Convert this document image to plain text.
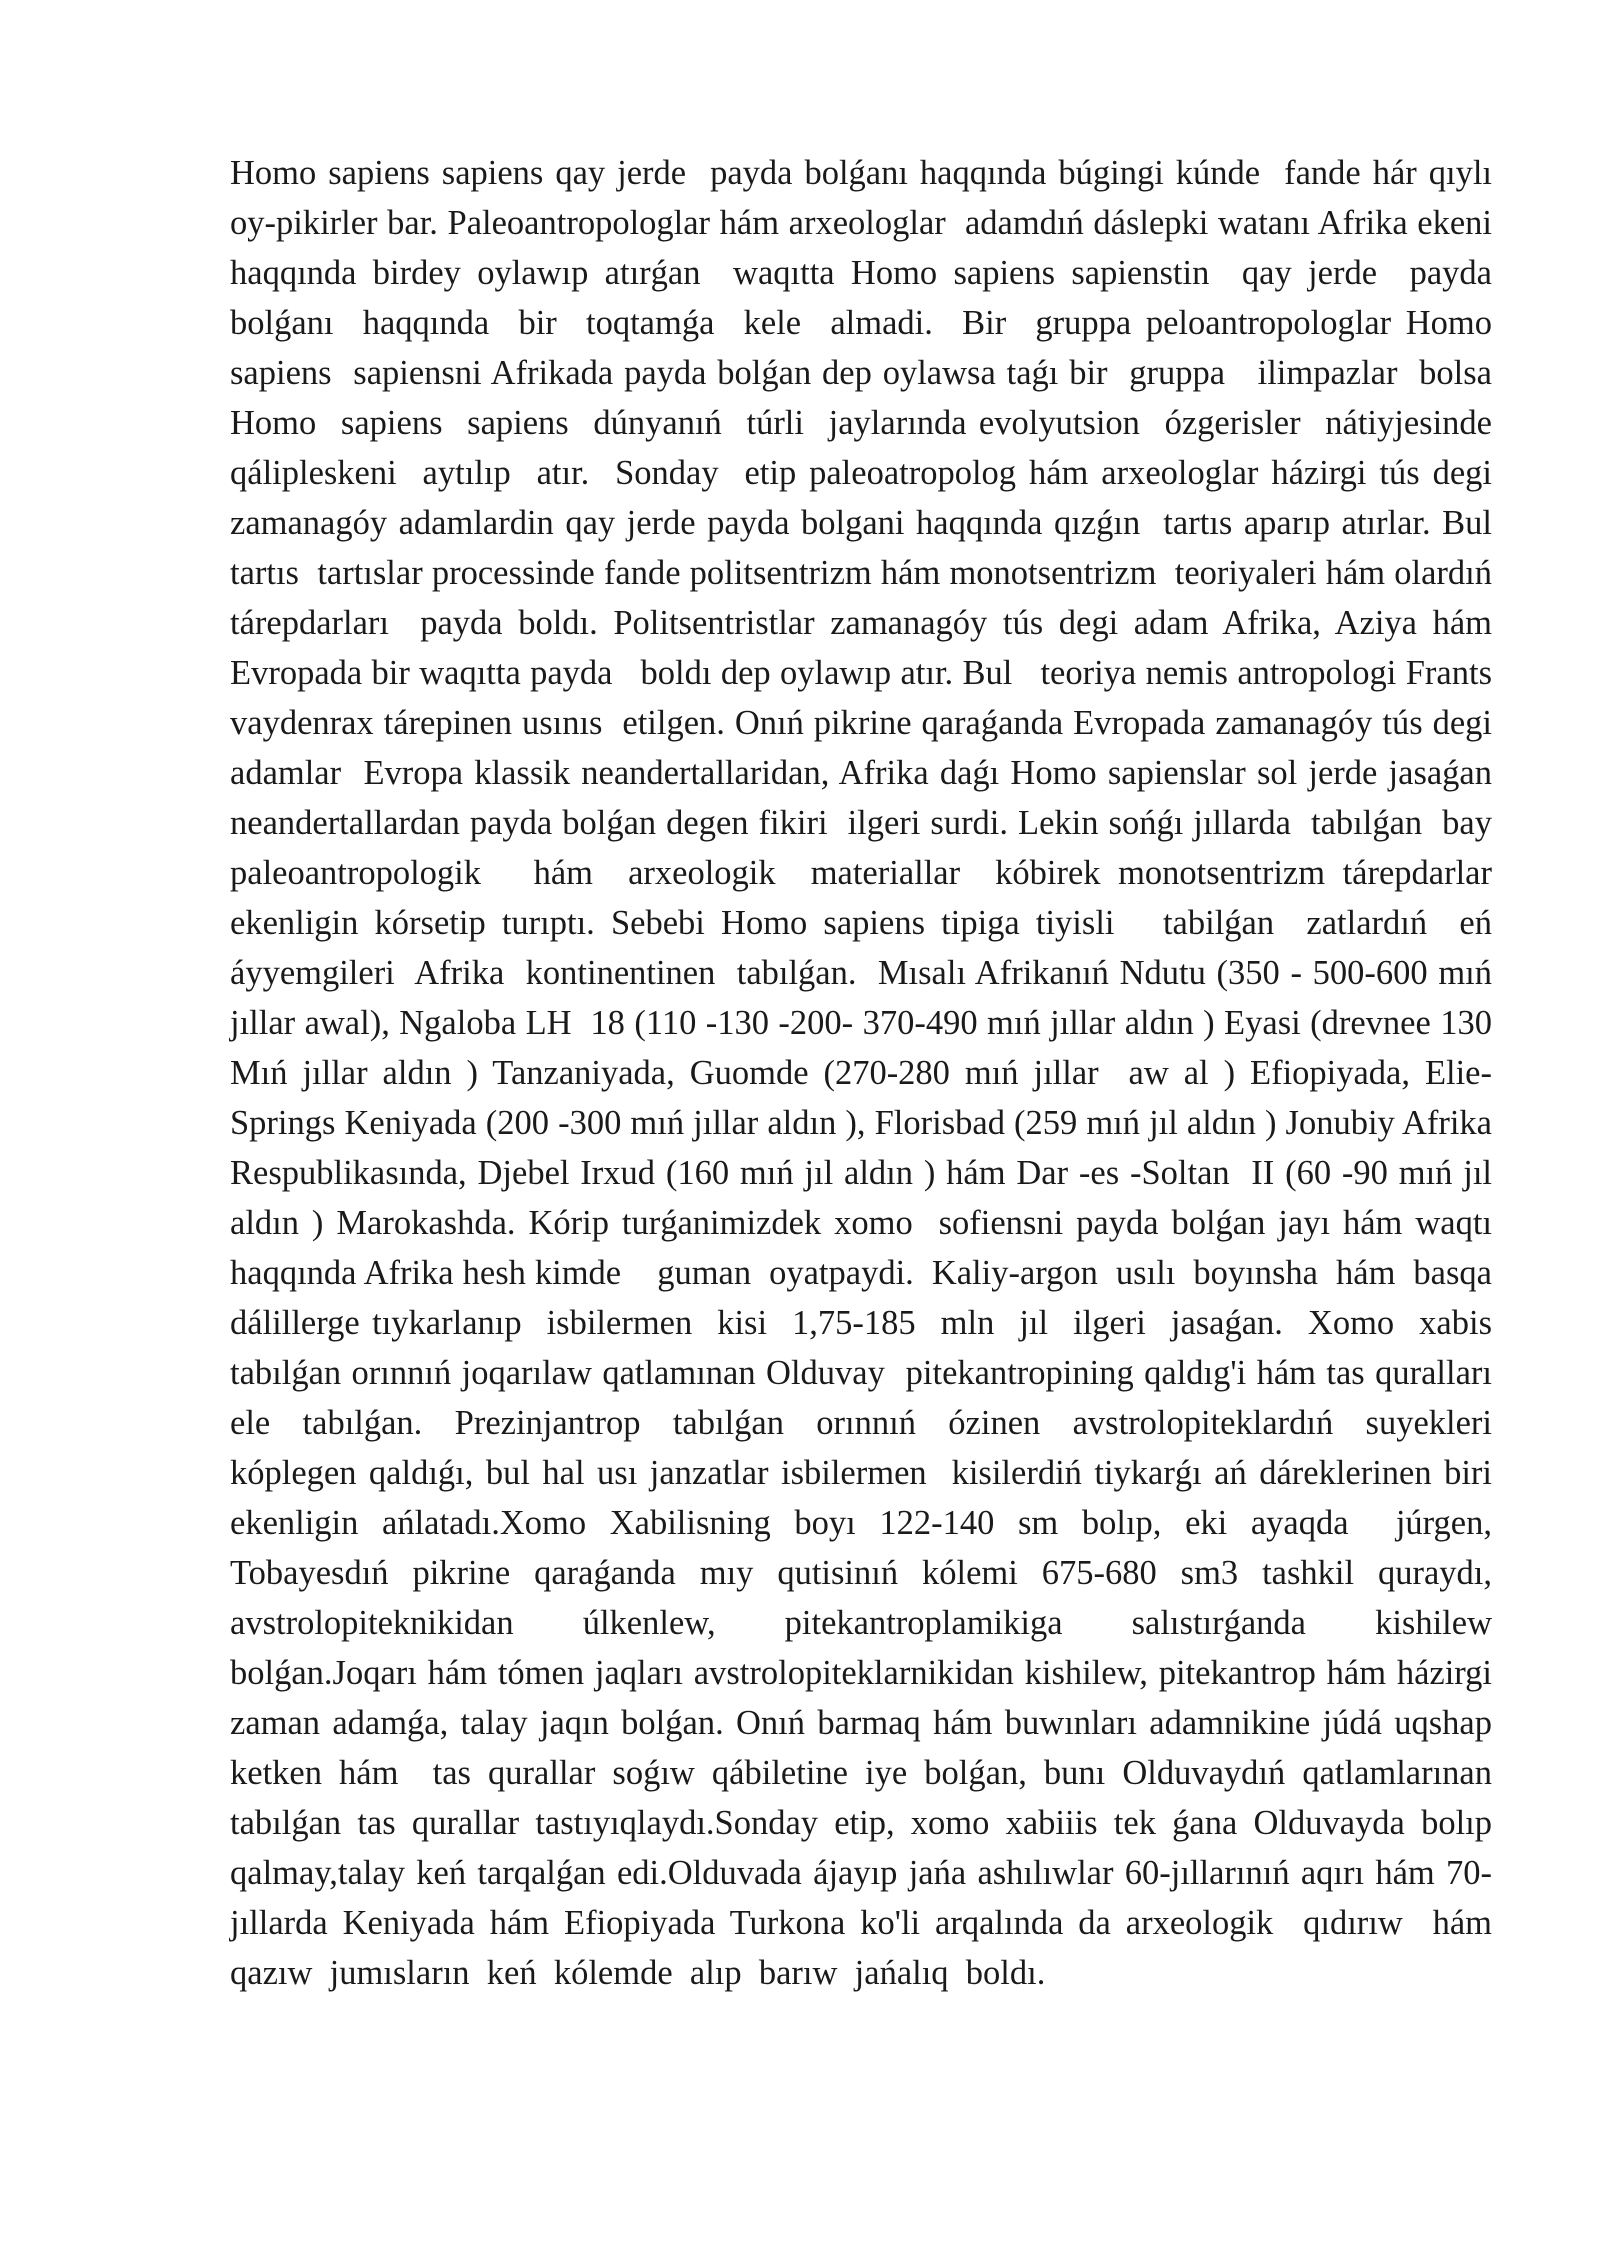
Homo sapiens sapiens qay jerde  payda bolǵanı haqqında búgingi kúnde  fande hár qıylı oy-pikirler bar. Paleoantropologlar hám arxeologlar  adamdıń dáslepki watanı Afrika ekeni  haqqında birdey oylawıp atırǵan  waqıtta Homo sapiens sapienstin  qay jerde  payda  bolǵanı  haqqında  bir  toqtamǵa  kele  almadi.  Bir  gruppa peloantropologlar Homo sapiens  sapiensni Afrikada payda bolǵan dep oylawsa taǵı bir  gruppa   ilimpazlar  bolsa  Homo  sapiens  sapiens  dúnyanıń  túrli  jaylarında evolyutsion  ózgerisler  nátiyjesinde  qáliplеskeni  aytılıp  atır.  Sonday  etip paleoatropolog hám arxeologlar házirgi tús degi  zamanagóy adamlardin qay jerde payda bolgani haqqında qızǵın  tartıs aparıp atırlar. Bul tartıs  tartıslar processinde fande politsentrizm hám monotsentrizm  teoriyaleri hám olardıń tárepdarları  payda boldı. Politsentristlar zamanagóy tús degi adam Afrika, Aziya hám Evropada bir waqıtta payda   boldı dep oylawıp atır. Bul   teoriya nemis antropologi Frants vaydenrax tárepinen usınıs  etilgen. Onıń pikrine qaraǵanda Evropada zamanagóy tús degi adamlar  Evropa klassik neandertallaridan, Afrika daǵı Homo sapienslar sol jerde jasaǵan neandertallardan payda bolǵan degen fikiri  ilgeri surdi. Lekin sońǵı jıllarda  tabılǵan  bay  paleoantropologik   hám  arxeologik  materiallar  kóbirek monotsentrizm tárepdarlar  ekenligin kórsetip turıptı. Sebebi Homo sapiens tipiga tiyisli   tabilǵan  zatlardıń  eń  áyyemgileri  Afrika  kontinentinen  tabılǵan.  Mısalı Afrikanıń Ndutu (350 - 500-600 mıń jıllar awal), Ngaloba LH  18 (110 -130 -200- 370-490 mıń jıllar aldın ) Eyasi (drevnee 130 Mıń jıllar aldın ) Tanzaniyada, Guomde (270-280 mıń jıllar  aw al ) Efiopiyada, Elie-Springs Keniyada (200 -300 mıń jıllar aldın ), Florisbad (259 mıń jıl aldın ) Jonubiy Afrika  Respublikasında, Djebel Irxud (160 mıń jıl aldın ) hám Dar -es -Soltan  II (60 -90 mıń jıl aldın ) Marokashda. Kórip turǵanimizdek xomo  sofiensni payda bolǵan jayı hám waqtı haqqında Afrika hesh kimde    guman  oyatpaydi.  Kaliy-argon  usılı  boyınsha  hám  basqa  dálillerge tıykarlanıp  isbilermen  kisi  1,75-185  mln  jıl  ilgeri  jasaǵan.  Xomo  xabis  tabılǵan orınnıń joqarılaw qatlamınan Olduvay  pitekantropining qaldıg'i hám tas quralları ele  tabılǵan.  Prezinjantrop  tabılǵan  orınnıń  ózinen  avstrolopiteklardıń  suyekleri kóplegen qaldıǵı, bul hal usı janzatlar isbilermen  kisilerdiń tiykarǵı ań dáreklerinen biri ekenligin ańlatadı.Xomo Xabilisning boyı 122-140 sm bolıp, eki ayaqda  júrgen, Tobayesdıń pikrine qaraǵanda mıy qutisinıń kólemi 675-680 sm3 tashkil quraydı, avstrolopiteknikidan     úlkenlew,     pitekantroplamikiga     salıstırǵanda     kishilew bolǵan.Joqarı hám tómen jaqları avstrolopiteklarnikidan kishilew, pitekantrop hám házirgi zaman adamǵa, talay jaqın bolǵan. Onıń barmaq hám buwınları adamnikine júdá uqshap ketken hám  tas qurallar soǵıw qábiletine iye bolǵan, bunı Olduvaydıń qatlamlarınan tabılǵan tas qurallar tastıyıqlaydı.Sonday etip, xomo xabiiis tek ǵana Olduvayda bolıp qalmay,talay keń tarqalǵan edi.Olduvada ájayıp jańa ashılıwlar 60-jıllarınıń aqırı hám 70-jıllarda Keniyada hám Efiopiyada Turkona ko'li arqalında da arxeologik  qıdırıw  hám  qazıw  jumısların  keń  kólemde  alıp  barıw  jańalıq  boldı.
